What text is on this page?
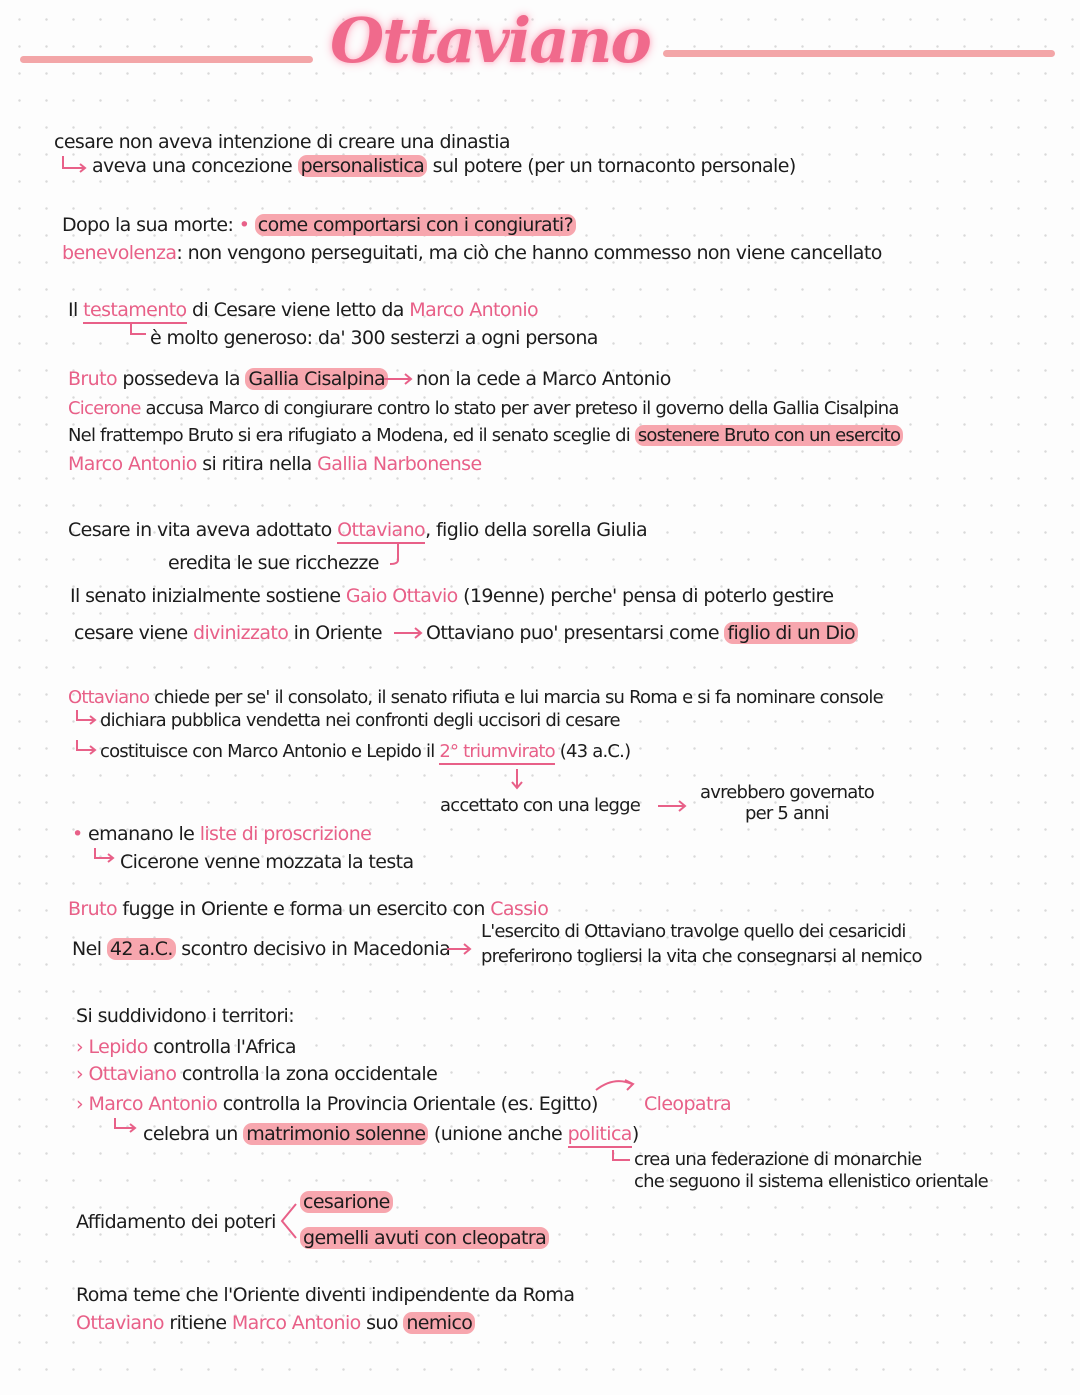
Ottaviano
cesare non aveva intenzione di creare una dinastia
aveva una concezione personalistica sul potere (per un tornaconto personale)
Dopo la sua morte: • come comportarsi con i congiurati?
benevolenza: non vengono perseguitati, ma ciò che hanno commesso non viene cancellato
Il testamento di Cesare viene letto da Marco Antonio
è molto generoso: da' 300 sesterzi a ogni persona
Bruto possedeva la Gallia Cisalpina non la cede a Marco Antonio
Cicerone accusa Marco di congiurare contro lo stato per aver preteso il governo della Gallia Cisalpina
Nel frattempo Bruto si era rifugiato a Modena, ed il senato sceglie di sostenere Bruto con un esercito
Marco Antonio si ritira nella Gallia Narbonense
Cesare in vita aveva adottato Ottaviano, figlio della sorella Giulia
eredita le sue ricchezze
Il senato inizialmente sostiene Gaio Ottavio (19enne) perche' pensa di poterlo gestire
cesare viene divinizzato in Oriente Ottaviano puo' presentarsi come figlio di un Dio
Ottaviano chiede per se' il consolato, il senato rifiuta e lui marcia su Roma e si fa nominare console
dichiara pubblica vendetta nei confronti degli uccisori di cesare
costituisce con Marco Antonio e Lepido il 2° triumvirato (43 a.C.)
accettato con una legge
avrebbero governato
per 5 anni
• emanano le liste di proscrizione
Cicerone venne mozzata la testa
Bruto fugge in Oriente e forma un esercito con Cassio
Nel 42 a.C. scontro decisivo in Macedonia
L'esercito di Ottaviano travolge quello dei cesaricidi
preferirono togliersi la vita che consegnarsi al nemico
Si suddividono i territori:
› Lepido controlla l'Africa
› Ottaviano controlla la zona occidentale
› Marco Antonio controlla la Provincia Orientale (es. Egitto) Cleopatra
celebra un matrimonio solenne (unione anche politica)
crea una federazione di monarchie
che seguono il sistema ellenistico orientale
Affidamento dei poteri
cesarione
gemelli avuti con cleopatra
Roma teme che l'Oriente diventi indipendente da Roma
Ottaviano ritiene Marco Antonio suo nemico
